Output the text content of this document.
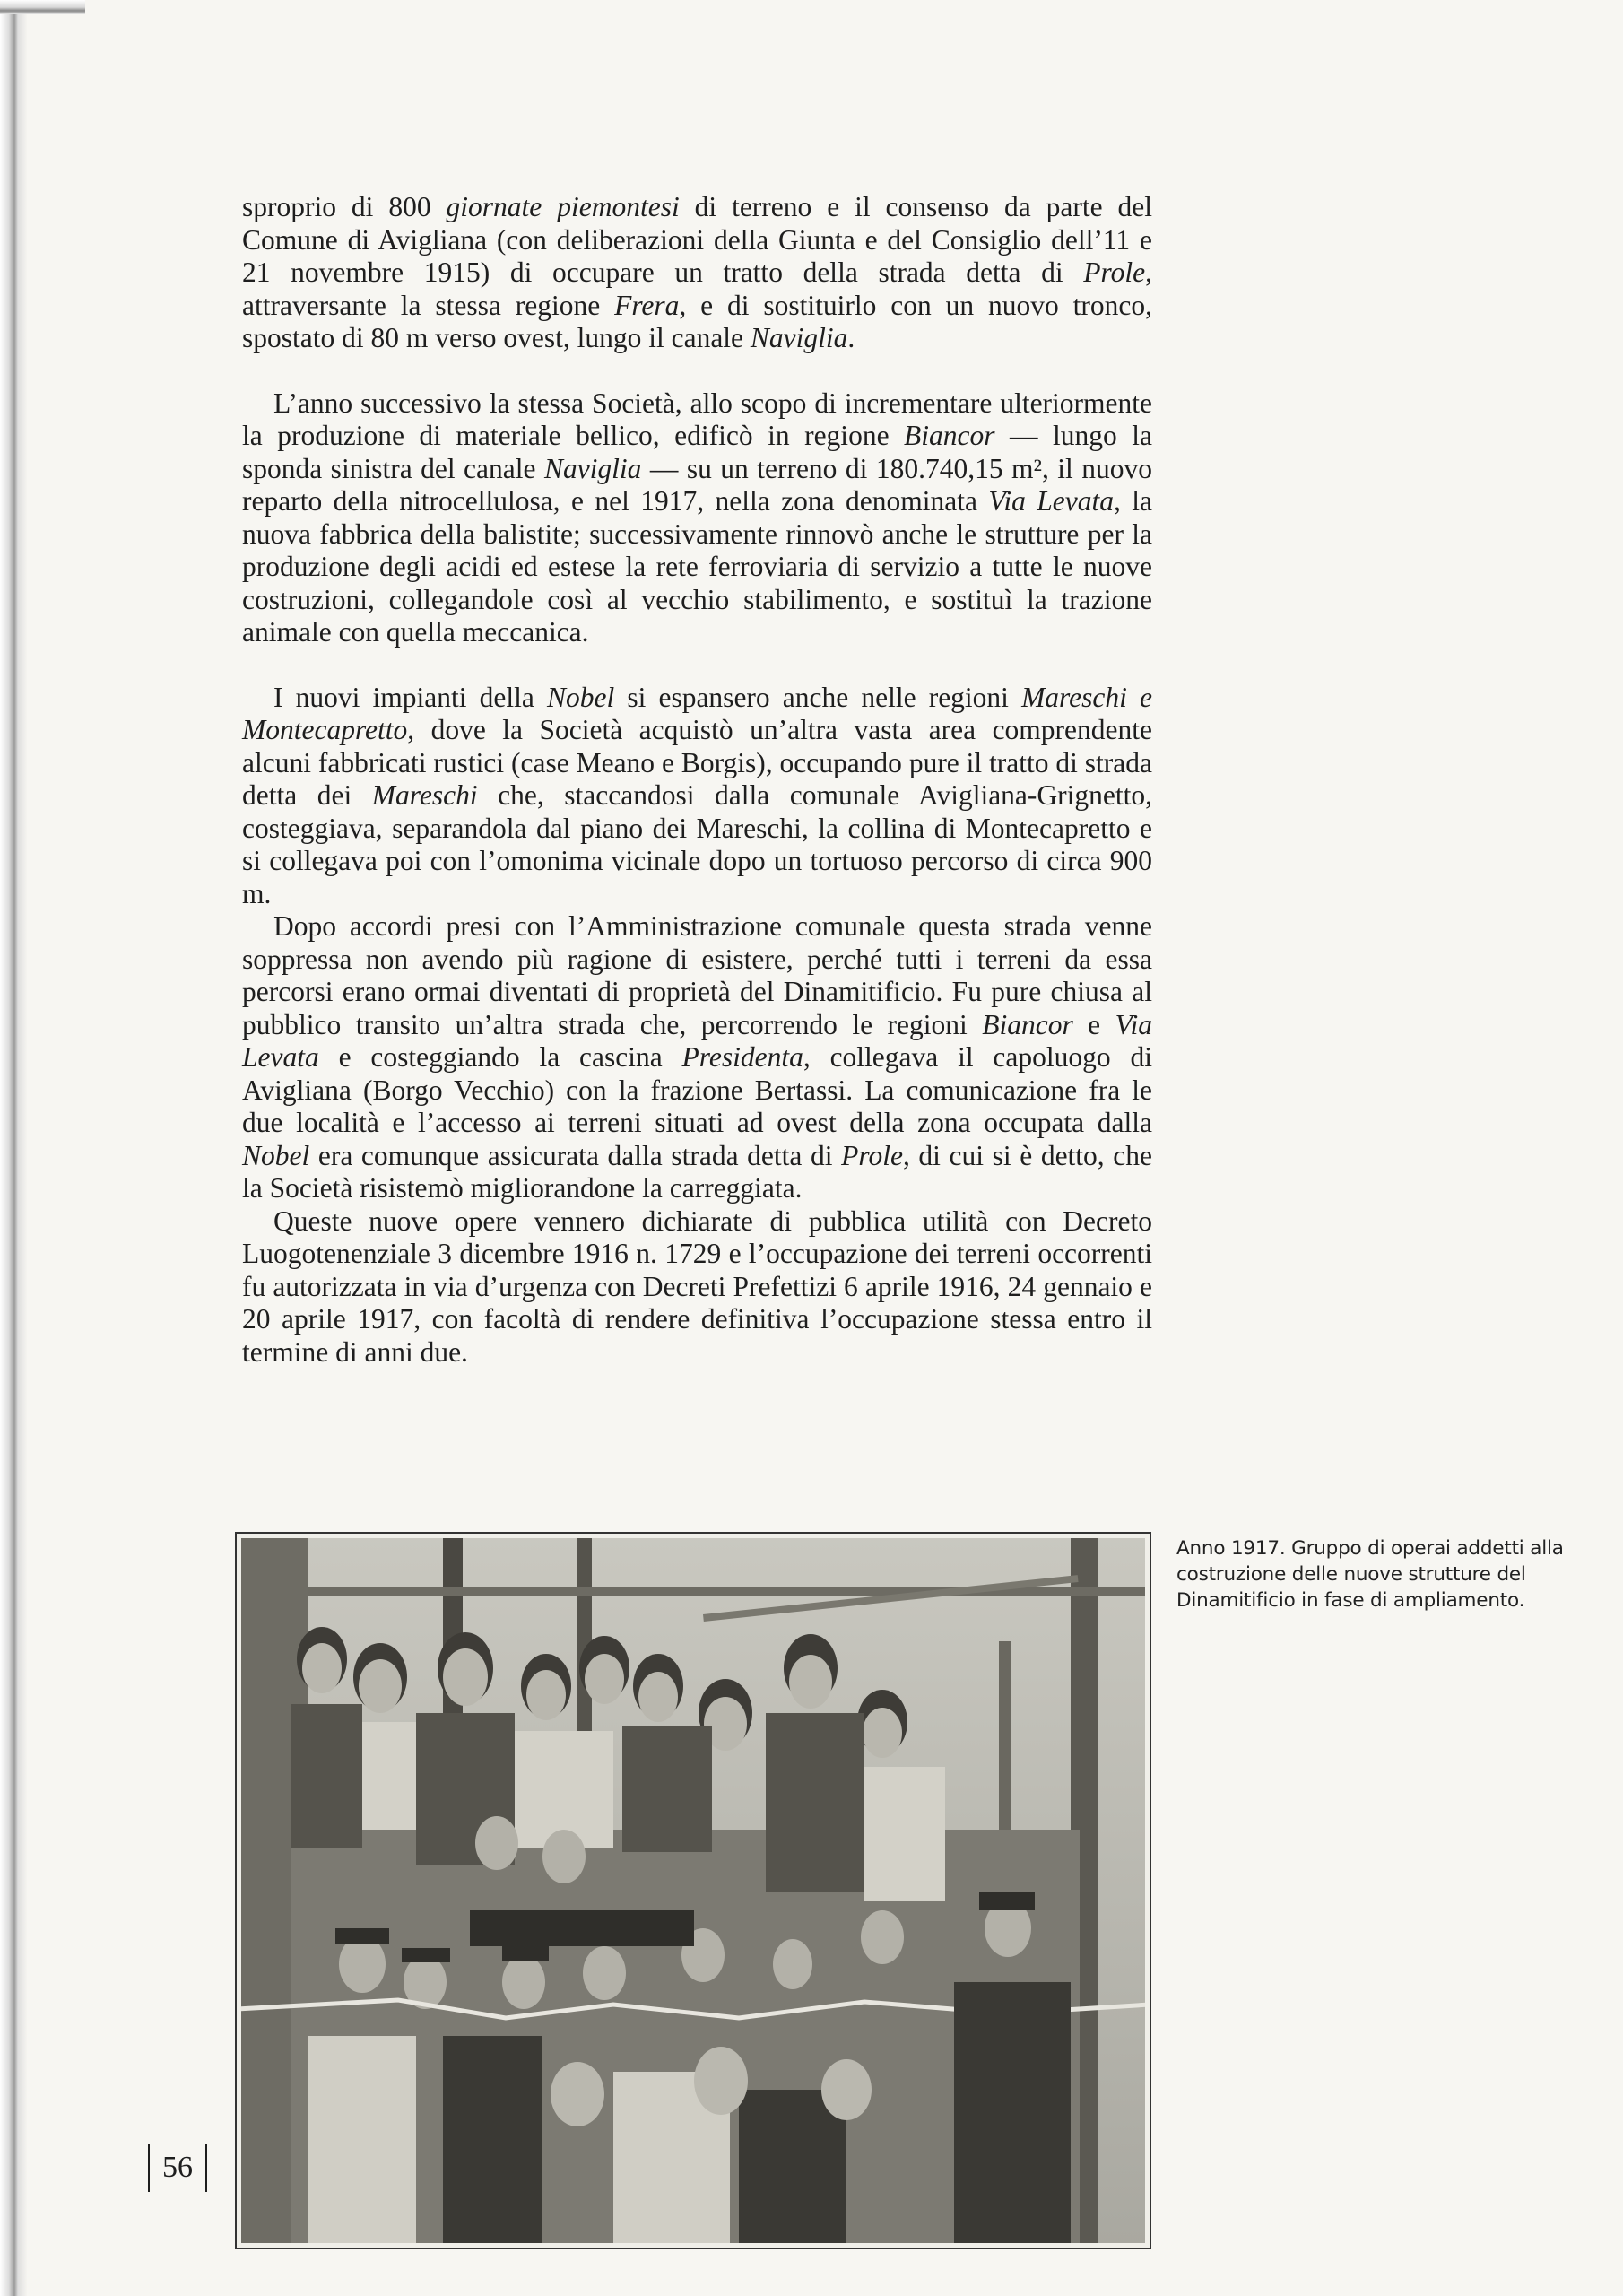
sproprio di 800 giornate piemontesi di terreno e il consenso da parte del Comune di Avigliana (con deliberazioni della Giunta e del Consiglio dell’11 e 21 novembre 1915) di occupare un tratto della strada detta di Prole, attraversante la stessa regione Frera, e di sostituirlo con un nuovo tronco, spostato di 80 m verso ovest, lungo il canale Naviglia.

L’anno successivo la stessa Società, allo scopo di incrementare ulteriormente la produzione di materiale bellico, edificò in regione Biancor — lungo la sponda sinistra del canale Naviglia — su un terreno di 180.740,15 m², il nuovo reparto della nitrocellulosa, e nel 1917, nella zona denominata Via Levata, la nuova fabbrica della balistite; successivamente rinnovò anche le strutture per la produzione degli acidi ed estese la rete ferroviaria di servizio a tutte le nuove costruzioni, collegandole così al vecchio stabilimento, e sostituì la trazione animale con quella meccanica.

I nuovi impianti della Nobel si espansero anche nelle regioni Mareschi e Montecapretto, dove la Società acquistò un’altra vasta area comprendente alcuni fabbricati rustici (case Meano e Borgis), occupando pure il tratto di strada detta dei Mareschi che, staccandosi dalla comunale Avigliana-Grignetto, costeggiava, separandola dal piano dei Mareschi, la collina di Montecapretto e si collegava poi con l’omonima vicinale dopo un tortuoso percorso di circa 900 m.

Dopo accordi presi con l’Amministrazione comunale questa strada venne soppressa non avendo più ragione di esistere, perché tutti i terreni da essa percorsi erano ormai diventati di proprietà del Dinamitificio. Fu pure chiusa al pubblico transito un’altra strada che, percorrendo le regioni Biancor e Via Levata e costeggiando la cascina Presidenta, collegava il capoluogo di Avigliana (Borgo Vecchio) con la frazione Bertassi. La comunicazione fra le due località e l’accesso ai terreni situati ad ovest della zona occupata dalla Nobel era comunque assicurata dalla strada detta di Prole, di cui si è detto, che la Società risistemò migliorandone la carreggiata.

Queste nuove opere vennero dichiarate di pubblica utilità con Decreto Luogotenenziale 3 dicembre 1916 n. 1729 e l’occupazione dei terreni occorrenti fu autorizzata in via d’urgenza con Decreti Prefettizi 6 aprile 1916, 24 gennaio e 20 aprile 1917, con facoltà di rendere definitiva l’occupazione stessa entro il termine di anni due.

Anno 1917. Gruppo di operai addetti alla costruzione delle nuove strutture del Dinamitificio in fase di ampliamento.
56
